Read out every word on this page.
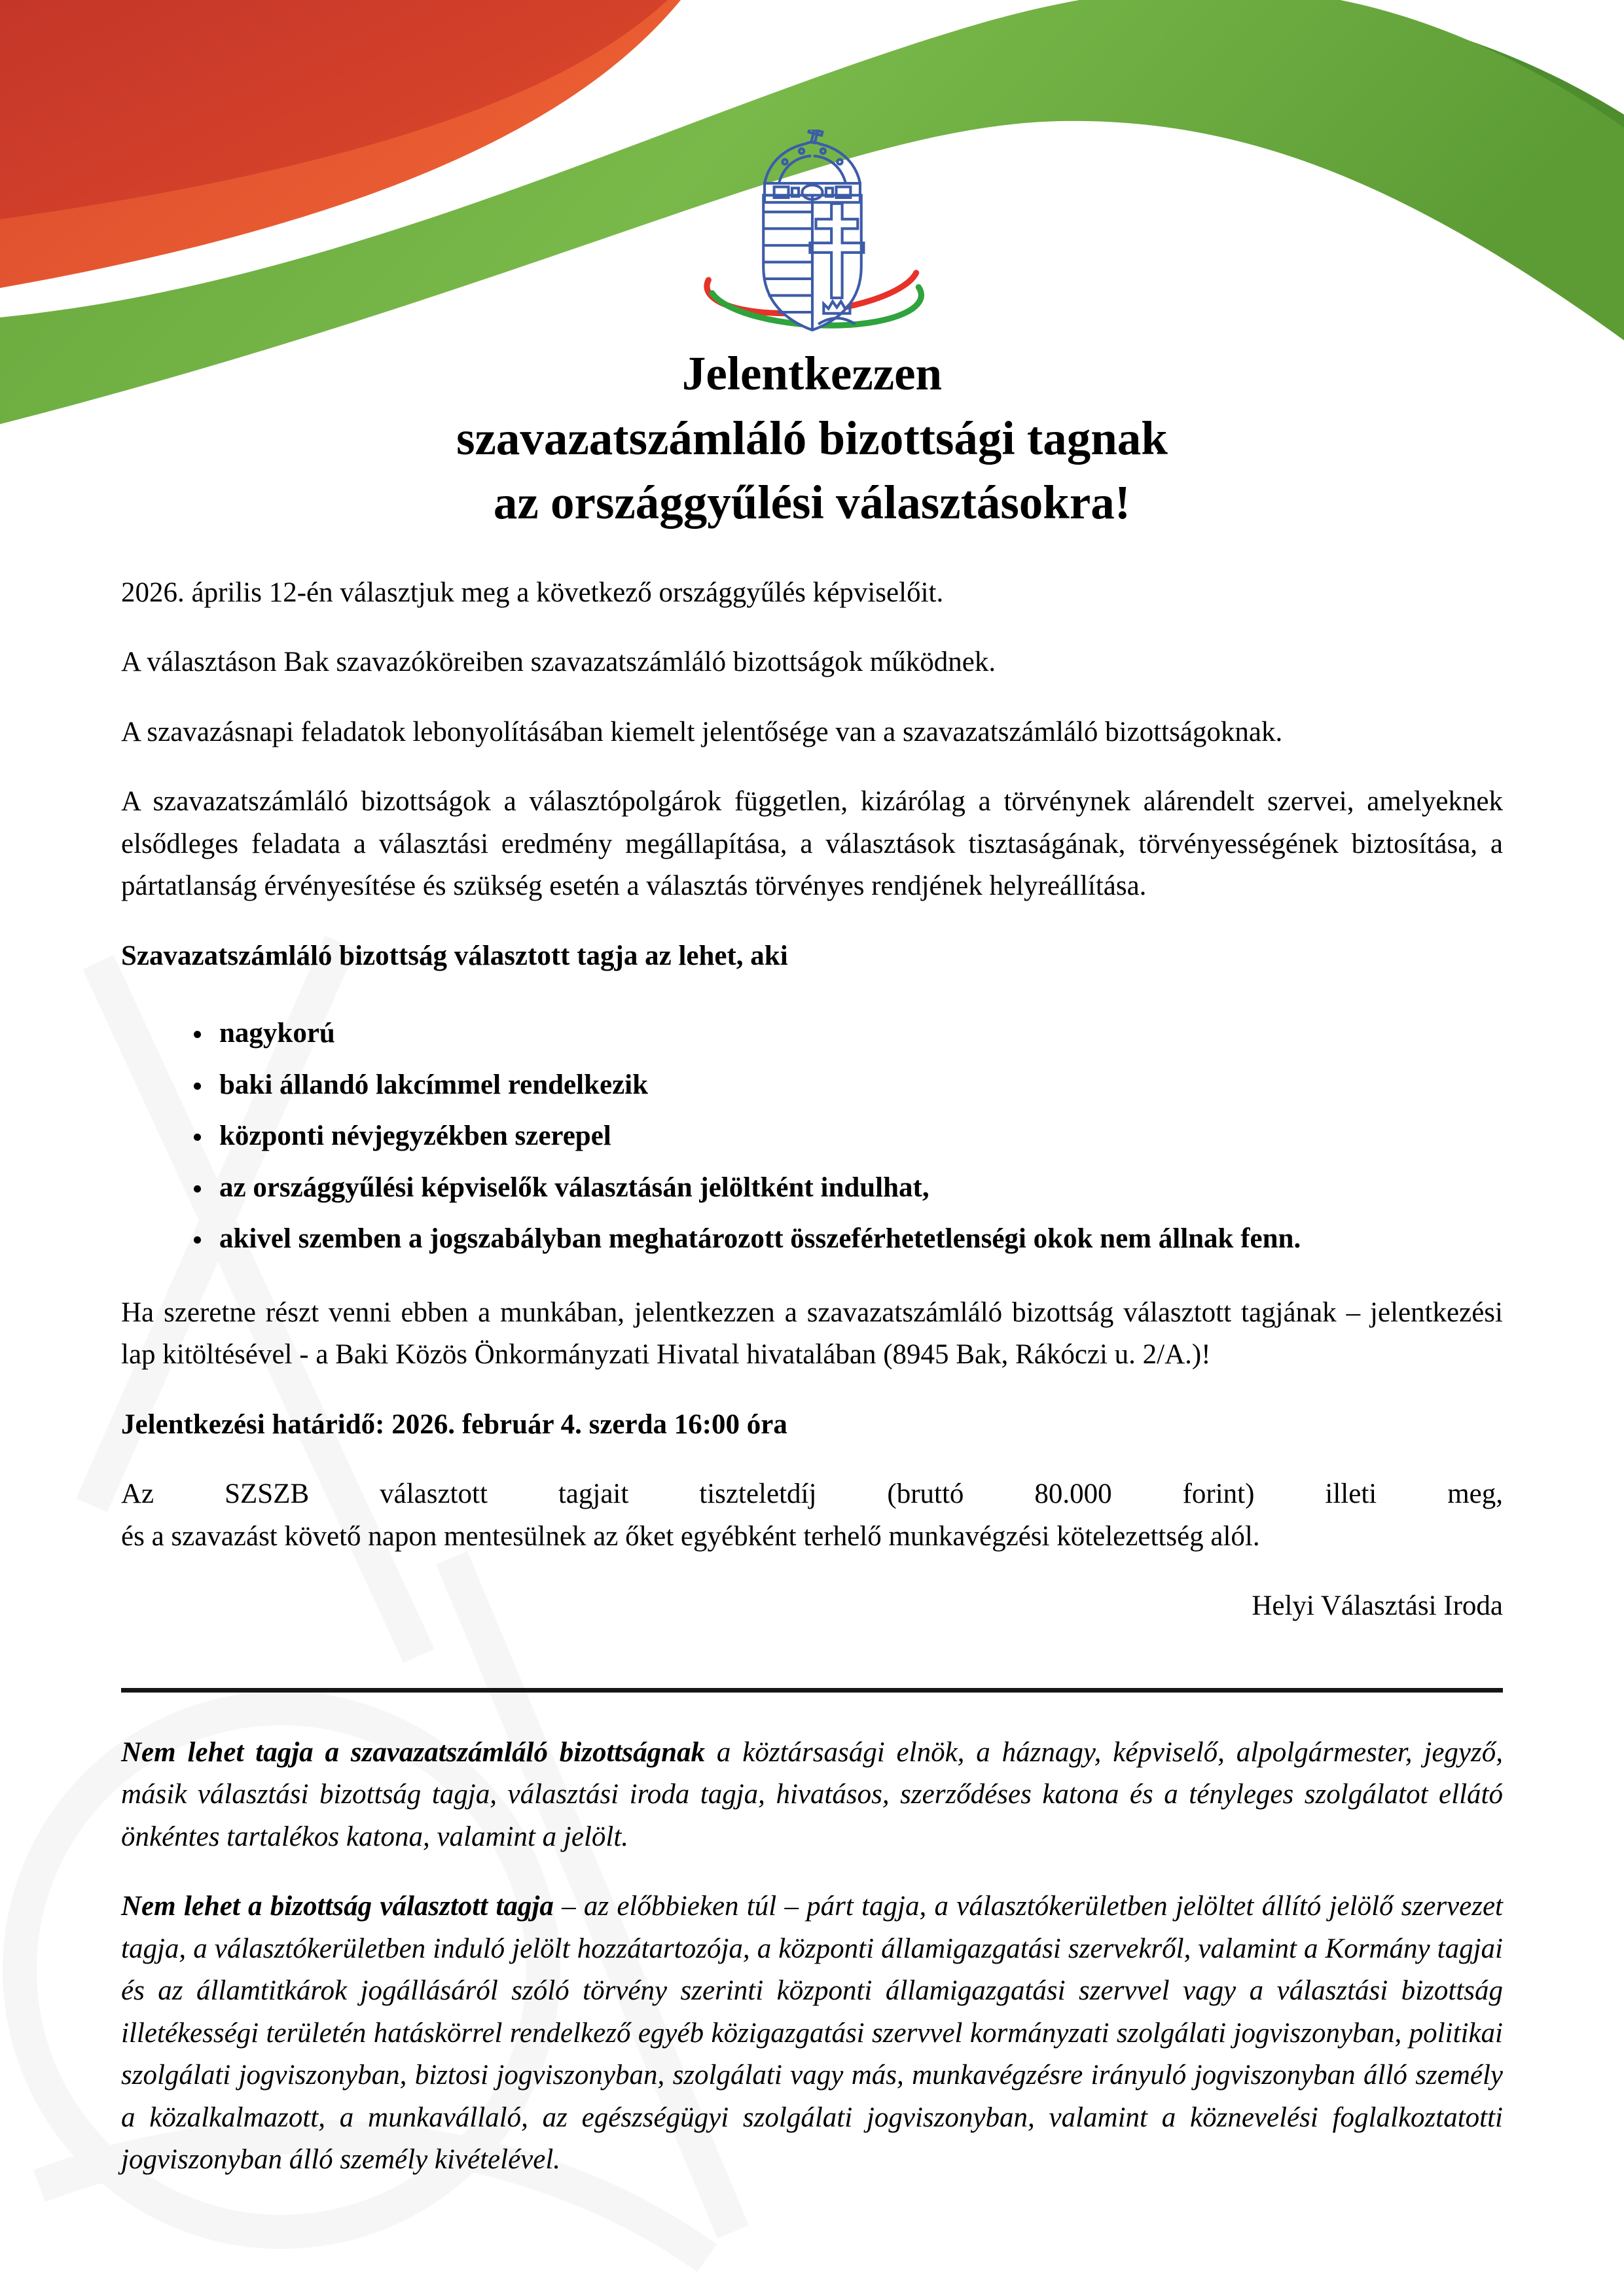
Jelentkezzen
szavazatszámláló bizottsági tagnak
az országgyűlési választásokra!

2026. április 12-én választjuk meg a következő országgyűlés képviselőit.

A választáson Bak szavazóköreiben szavazatszámláló bizottságok működnek.

A szavazásnapi feladatok lebonyolításában kiemelt jelentősége van a szavazatszámláló bizottságoknak.

A szavazatszámláló bizottságok a választópolgárok független, kizárólag a törvénynek alárendelt szervei, amelyeknek elsődleges feladata a választási eredmény megállapítása, a választások tisztaságának, törvényességének biztosítása, a pártatlanság érvényesítése és szükség esetén a választás törvényes rendjének helyreállítása.

Szavazatszámláló bizottság választott tagja az lehet, aki

• nagykorú
• baki állandó lakcímmel rendelkezik
• központi névjegyzékben szerepel
• az országgyűlési képviselők választásán jelöltként indulhat,
• akivel szemben a jogszabályban meghatározott összeférhetetlenségi okok nem állnak fenn.

Ha szeretne részt venni ebben a munkában, jelentkezzen a szavazatszámláló bizottság választott tagjának – jelentkezési lap kitöltésével - a Baki Közös Önkormányzati Hivatal hivatalában (8945 Bak, Rákóczi u. 2/A.)!

Jelentkezési határidő: 2026. február 4. szerda 16:00 óra

Az SZSZB választott tagjait tiszteletdíj (bruttó 80.000 forint) illeti meg,
és a szavazást követő napon mentesülnek az őket egyébként terhelő munkavégzési kötelezettség alól.

Helyi Választási Iroda

Nem lehet tagja a szavazatszámláló bizottságnak a köztársasági elnök, a háznagy, képviselő, alpolgármester, jegyző, másik választási bizottság tagja, választási iroda tagja, hivatásos, szerződéses katona és a tényleges szolgálatot ellátó önkéntes tartalékos katona, valamint a jelölt.

Nem lehet a bizottság választott tagja – az előbbieken túl – párt tagja, a választókerületben jelöltet állító jelölő szervezet tagja, a választókerületben induló jelölt hozzátartozója, a központi államigazgatási szervekről, valamint a Kormány tagjai és az államtitkárok jogállásáról szóló törvény szerinti központi államigazgatási szervvel vagy a választási bizottság illetékességi területén hatáskörrel rendelkező egyéb közigazgatási szervvel kormányzati szolgálati jogviszonyban, politikai szolgálati jogviszonyban, biztosi jogviszonyban, szolgálati vagy más, munkavégzésre irányuló jogviszonyban álló személy a közalkalmazott, a munkavállaló, az egészségügyi szolgálati jogviszonyban, valamint a köznevelési foglalkoztatotti jogviszonyban álló személy kivételével.
